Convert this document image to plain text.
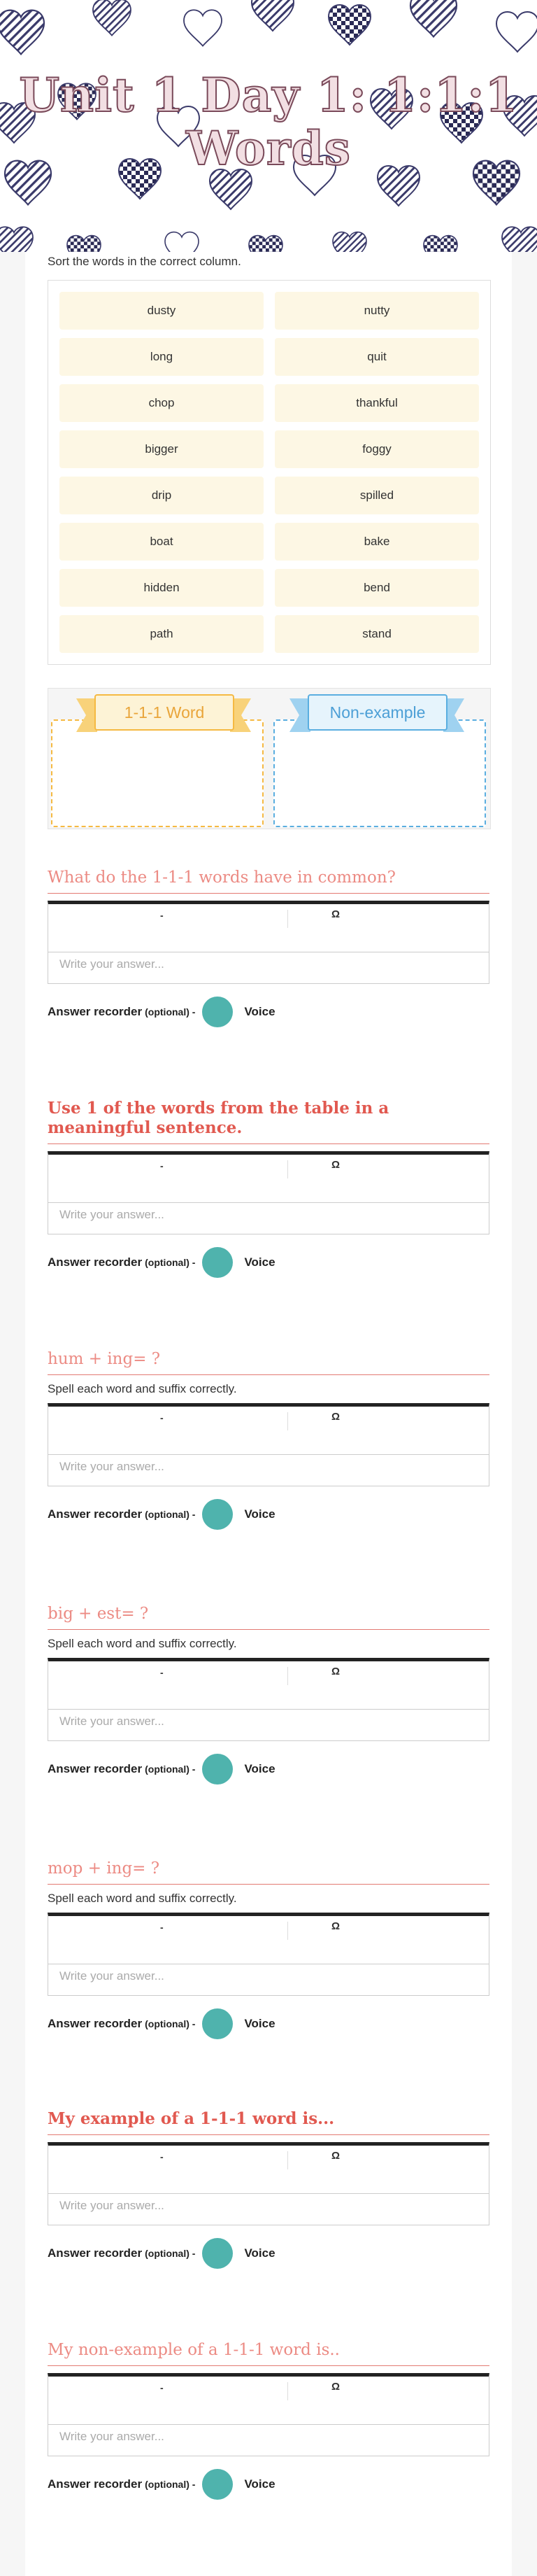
Unit 1 Day 1: 1:1:1 Words
Sort the words in the correct column.
dusty	nutty
long	quit
chop	thankful
bigger	foggy
drip	spilled
boat	bake
hidden	bend
path	stand
1-1-1 Word	Non-example
What do the 1-1-1 words have in common?
-	Ω
Write your answer...
Answer recorder (optional) -	Voice
Use 1 of the words from the table in a meaningful sentence.
-	Ω
Write your answer...
Answer recorder (optional) -	Voice
hum + ing= ?
Spell each word and suffix correctly.
-	Ω
Write your answer...
Answer recorder (optional) -	Voice
big + est= ?
Spell each word and suffix correctly.
-	Ω
Write your answer...
Answer recorder (optional) -	Voice
mop + ing= ?
Spell each word and suffix correctly.
-	Ω
Write your answer...
Answer recorder (optional) -	Voice
My example of a 1-1-1 word is...
-	Ω
Write your answer...
Answer recorder (optional) -	Voice
My non-example of a 1-1-1 word is..
-	Ω
Write your answer...
Answer recorder (optional) -	Voice
